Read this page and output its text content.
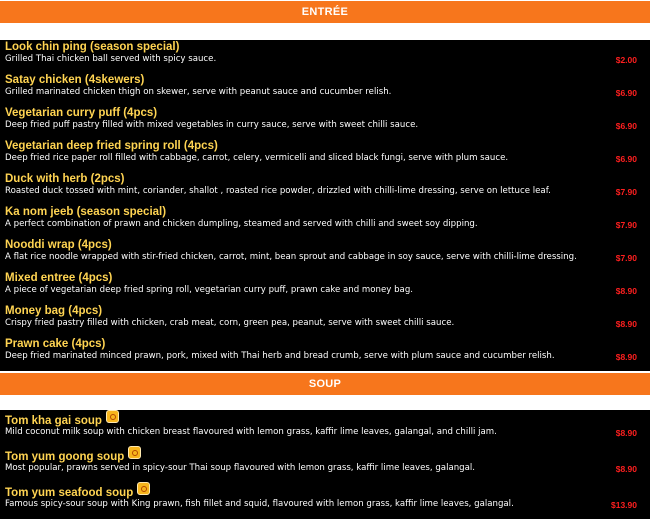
ENTRÉE
Look chin ping (season special)
Grilled Thai chicken ball served with spicy sauce.	$2.00
Satay chicken (4skewers)
Grilled marinated chicken thigh on skewer, serve with peanut sauce and cucumber relish.	$6.90
Vegetarian curry puff (4pcs)
Deep fried puff pastry filled with mixed vegetables in curry sauce, serve with sweet chilli sauce.	$6.90
Vegetarian deep fried spring roll (4pcs)
Deep fried rice paper roll filled with cabbage, carrot, celery, vermicelli and sliced black fungi, serve with plum sauce.	$6.90
Duck with herb (2pcs)
Roasted duck tossed with mint, coriander, shallot , roasted rice powder, drizzled with chilli-lime dressing, serve on lettuce leaf.	$7.90
Ka nom jeeb (season special)
A perfect combination of prawn and chicken dumpling, steamed and served with chilli and sweet soy dipping.	$7.90
Nooddi wrap (4pcs)
A flat rice noodle wrapped with stir-fried chicken, carrot, mint, bean sprout and cabbage in soy sauce, serve with chilli-lime dressing.	$7.90
Mixed entree (4pcs)
A piece of vegetarian deep fried spring roll, vegetarian curry puff, prawn cake and money bag.	$8.90
Money bag (4pcs)
Crispy fried pastry filled with chicken, crab meat, corn, green pea, peanut, serve with sweet chilli sauce.	$8.90
Prawn cake (4pcs)
Deep fried marinated minced prawn, pork, mixed with Thai herb and bread crumb, serve with plum sauce and cucumber relish.	$8.90
SOUP
Tom kha gai soup
Mild coconut milk soup with chicken breast flavoured with lemon grass, kaffir lime leaves, galangal, and chilli jam.	$8.90
Tom yum goong soup
Most popular, prawns served in spicy-sour Thai soup flavoured with lemon grass, kaffir lime leaves, galangal.	$8.90
Tom yum seafood soup
Famous spicy-sour soup with King prawn, fish fillet and squid, flavoured with lemon grass, kaffir lime leaves, galangal.	$13.90
